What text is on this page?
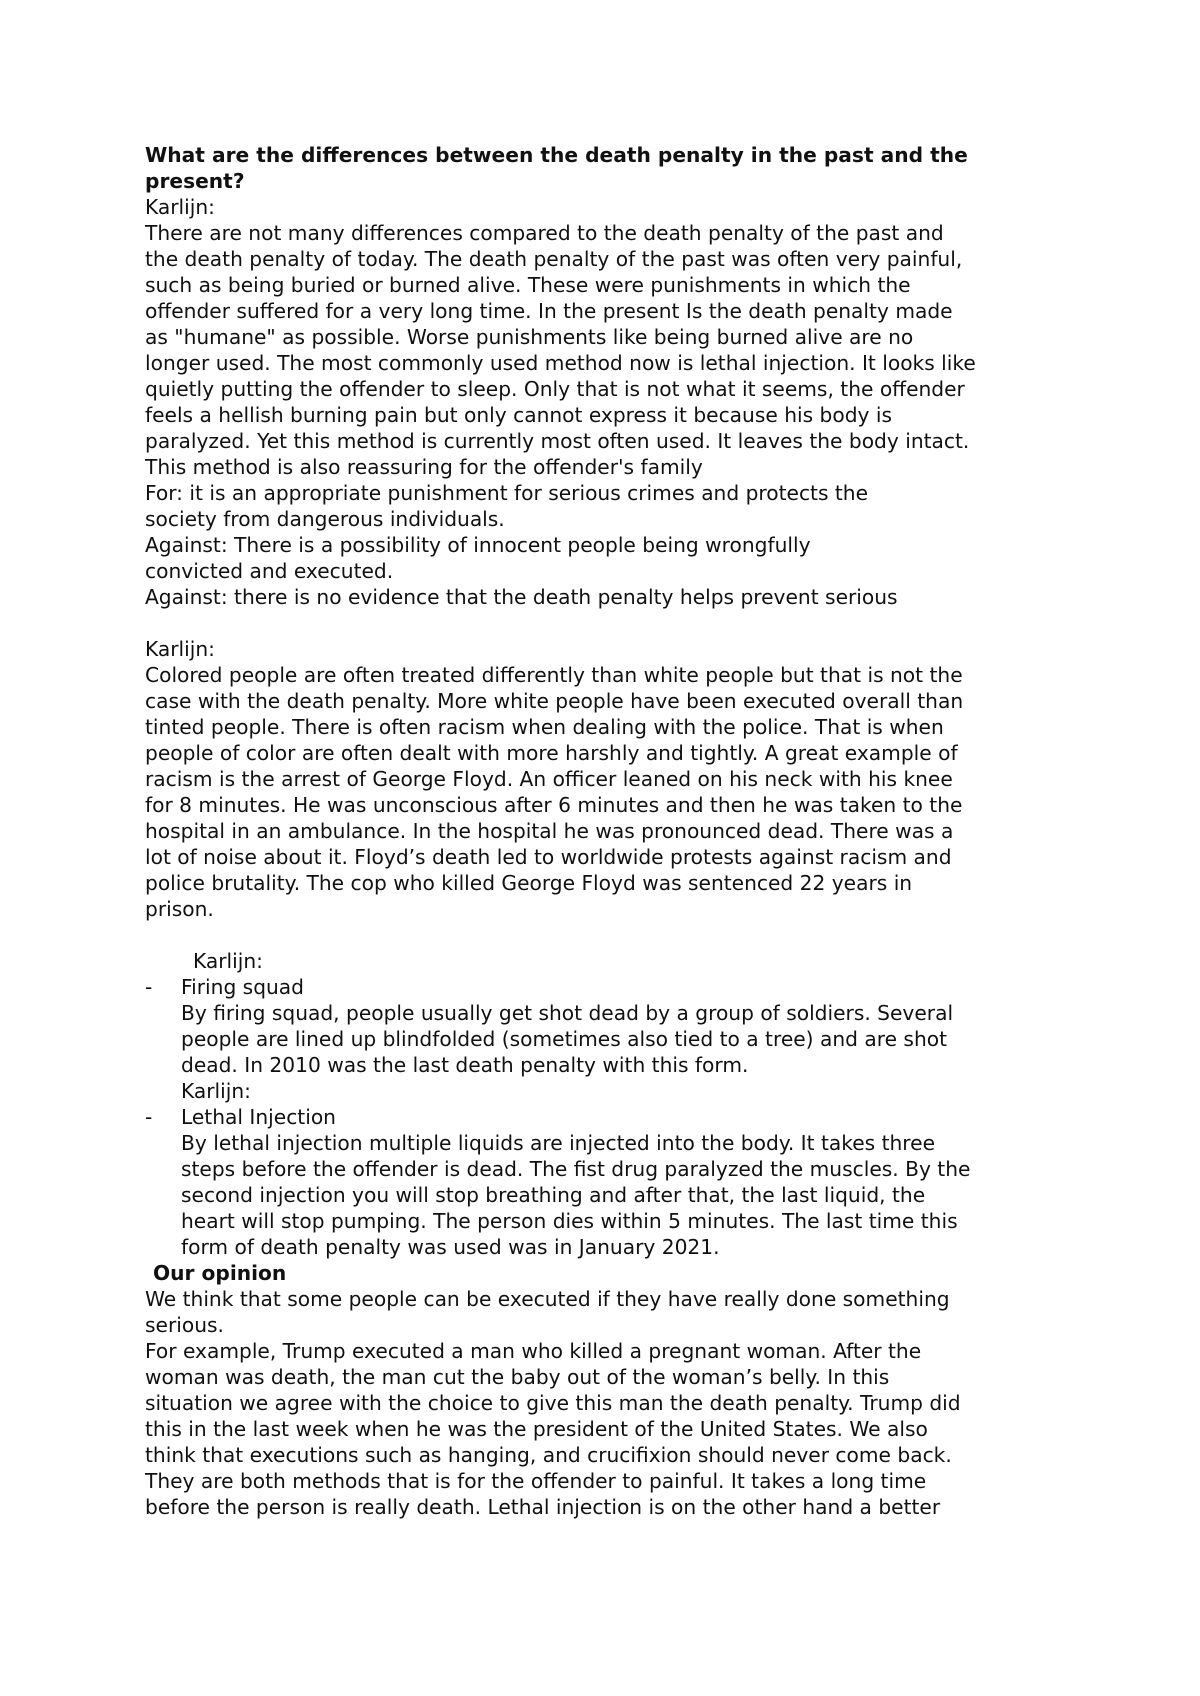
What are the differences between the death penalty in the past and the
present?
Karlijn:
There are not many differences compared to the death penalty of the past and
the death penalty of today. The death penalty of the past was often very painful,
such as being buried or burned alive. These were punishments in which the
offender suffered for a very long time. In the present Is the death penalty made
as "humane" as possible. Worse punishments like being burned alive are no
longer used. The most commonly used method now is lethal injection. It looks like
quietly putting the offender to sleep. Only that is not what it seems, the offender
feels a hellish burning pain but only cannot express it because his body is
paralyzed. Yet this method is currently most often used. It leaves the body intact.
This method is also reassuring for the offender's family
For: it is an appropriate punishment for serious crimes and protects the
society from dangerous individuals.
Against: There is a possibility of innocent people being wrongfully
convicted and executed.
Against: there is no evidence that the death penalty helps prevent serious
Karlijn:
Colored people are often treated differently than white people but that is not the
case with the death penalty. More white people have been executed overall than
tinted people. There is often racism when dealing with the police. That is when
people of color are often dealt with more harshly and tightly. A great example of
racism is the arrest of George Floyd. An officer leaned on his neck with his knee
for 8 minutes. He was unconscious after 6 minutes and then he was taken to the
hospital in an ambulance. In the hospital he was pronounced dead. There was a
lot of noise about it. Floyd’s death led to worldwide protests against racism and
police brutality. The cop who killed George Floyd was sentenced 22 years in
prison.
Karlijn:
- Firing squad
By firing squad, people usually get shot dead by a group of soldiers. Several
people are lined up blindfolded (sometimes also tied to a tree) and are shot
dead. In 2010 was the last death penalty with this form.
Karlijn:
- Lethal Injection
By lethal injection multiple liquids are injected into the body. It takes three
steps before the offender is dead. The fist drug paralyzed the muscles. By the
second injection you will stop breathing and after that, the last liquid, the
heart will stop pumping. The person dies within 5 minutes. The last time this
form of death penalty was used was in January 2021.
Our opinion
We think that some people can be executed if they have really done something
serious.
For example, Trump executed a man who killed a pregnant woman. After the
woman was death, the man cut the baby out of the woman’s belly. In this
situation we agree with the choice to give this man the death penalty. Trump did
this in the last week when he was the president of the United States. We also
think that executions such as hanging, and crucifixion should never come back.
They are both methods that is for the offender to painful. It takes a long time
before the person is really death. Lethal injection is on the other hand a better
